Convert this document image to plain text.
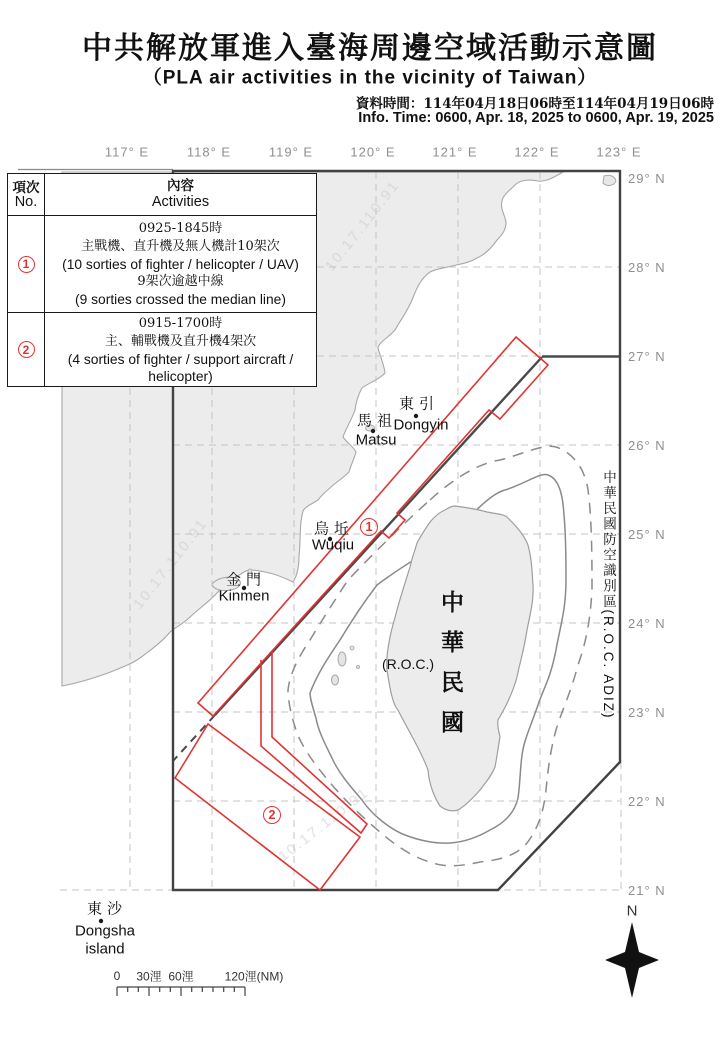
10.17.110.91
10.17.110.91
10.17.110.91
中共解放軍進入臺海周邊空域活動示意圖
（PLA air activities in the vicinity of Taiwan）
資料時間：114年04月18日06時至114年04月19日06時
Info. Time: 0600, Apr. 18, 2025 to 0600, Apr. 19, 2025
項次
No.
內容
Activities
1
0925-1845時
主戰機、直升機及無人機計10架次
(10 sorties of fighter / helicopter / UAV)
9架次逾越中線
(9 sorties crossed the median line)
2
0915-1700時
主、輔戰機及直升機4架次
(4 sorties of fighter / support aircraft /
helicopter)
117° E	118° E	119° E	120° E	121° E	122° E	123° E
29° N
28° N
27° N
26° N
25° N
24° N
23° N
22° N
21° N
東引
Dongyin
馬祖
Matsu
烏坵
Wuqiu
金門
Kinmen
東沙
Dongsha
island
中華民國
(R.O.C.)	中華民國防空識別區(R.O.C. ADIZ)
1
2
0 30浬 60浬	120浬(NM)
N
